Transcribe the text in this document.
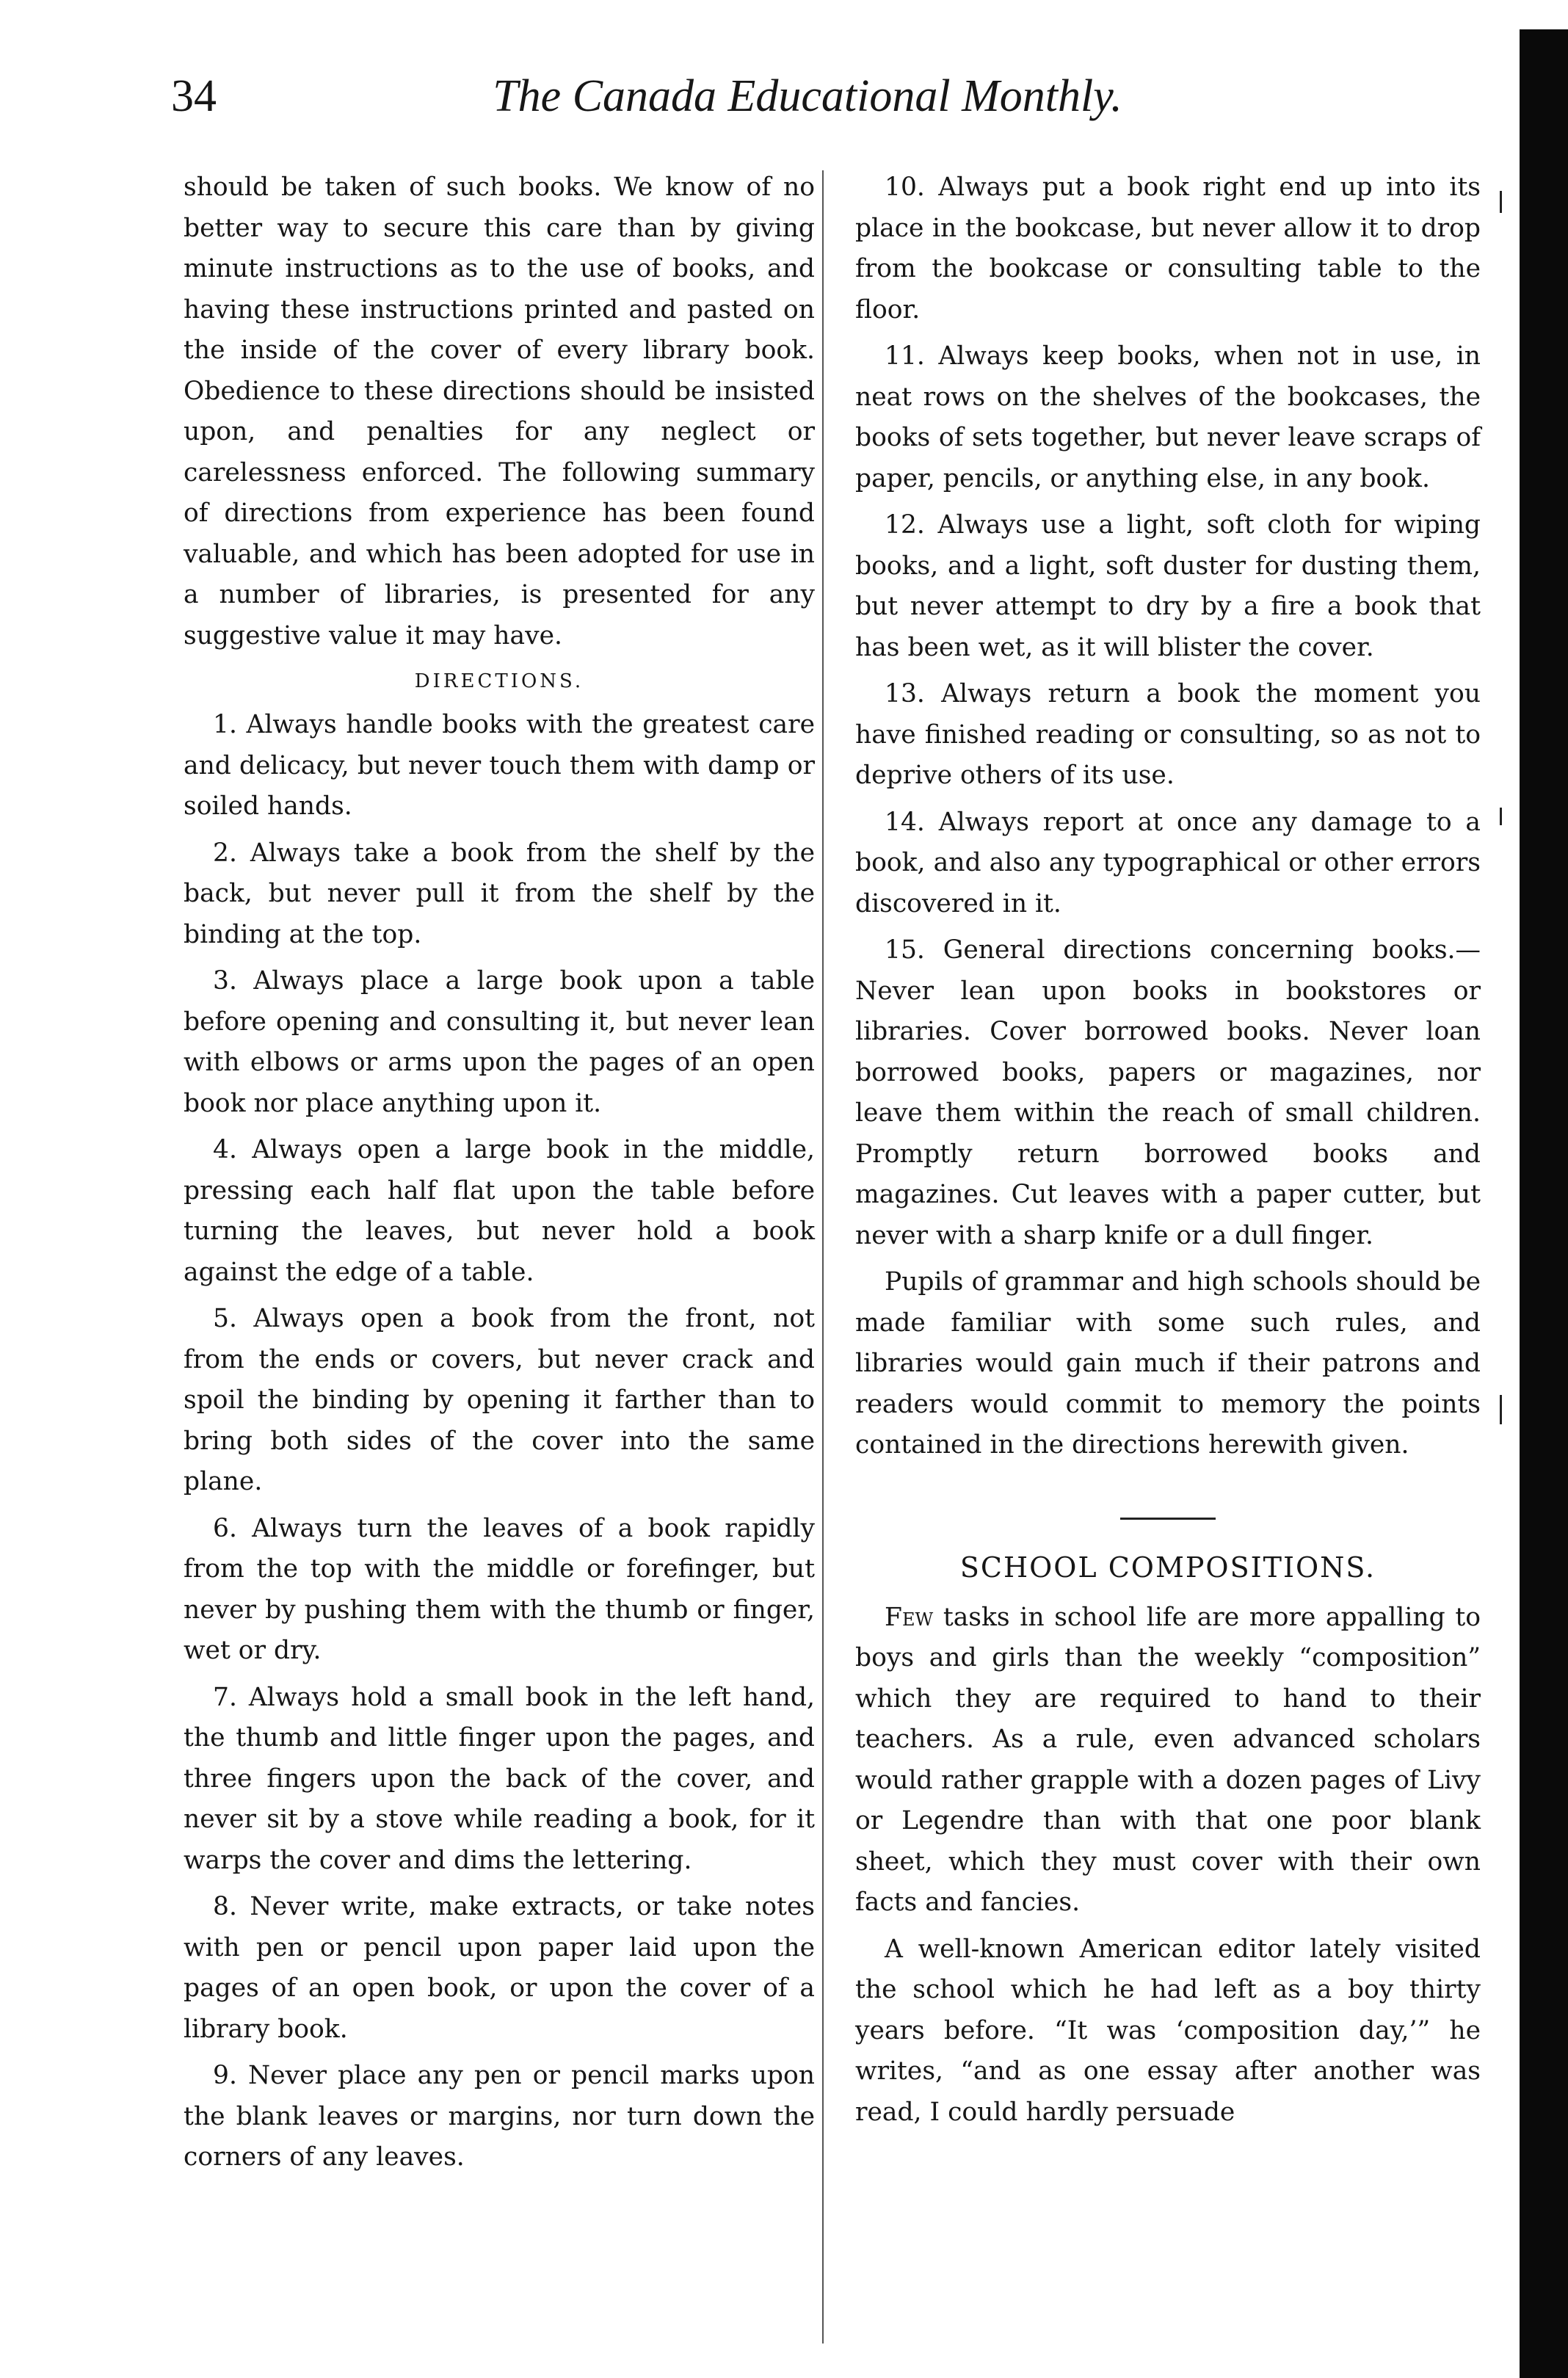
34	The Canada Educational Monthly.

should be taken of such books. We know of no better way to secure this care than by giving minute instructions as to the use of books, and having these instructions printed and pasted on the inside of the cover of every library book. Obedience to these directions should be insisted upon, and penalties for any neglect or carelessness enforced. The following summary of directions from experience has been found valuable, and which has been adopted for use in a number of libraries, is presented for any suggestive value it may have.

DIRECTIONS.

1. Always handle books with the greatest care and delicacy, but never touch them with damp or soiled hands.

2. Always take a book from the shelf by the back, but never pull it from the shelf by the binding at the top.

3. Always place a large book upon a table before opening and consulting it, but never lean with elbows or arms upon the pages of an open book nor place anything upon it.

4. Always open a large book in the middle, pressing each half flat upon the table before turning the leaves, but never hold a book against the edge of a table.

5. Always open a book from the front, not from the ends or covers, but never crack and spoil the binding by opening it farther than to bring both sides of the cover into the same plane.

6. Always turn the leaves of a book rapidly from the top with the middle or forefinger, but never by pushing them with the thumb or finger, wet or dry.

7. Always hold a small book in the left hand, the thumb and little finger upon the pages, and three fingers upon the back of the cover, and never sit by a stove while reading a book, for it warps the cover and dims the lettering.

8. Never write, make extracts, or take notes with pen or pencil upon paper laid upon the pages of an open book, or upon the cover of a library book.

9. Never place any pen or pencil marks upon the blank leaves or margins, nor turn down the corners of any leaves.

10. Always put a book right end up into its place in the bookcase, but never allow it to drop from the bookcase or consulting table to the floor.

11. Always keep books, when not in use, in neat rows on the shelves of the bookcases, the books of sets together, but never leave scraps of paper, pencils, or anything else, in any book.

12. Always use a light, soft cloth for wiping books, and a light, soft duster for dusting them, but never attempt to dry by a fire a book that has been wet, as it will blister the cover.

13. Always return a book the moment you have finished reading or consulting, so as not to deprive others of its use.

14. Always report at once any damage to a book, and also any typographical or other errors discovered in it.

15. General directions concerning books.— Never lean upon books in bookstores or libraries. Cover borrowed books. Never loan borrowed books, papers or magazines, nor leave them within the reach of small children. Promptly return borrowed books and magazines. Cut leaves with a paper cutter, but never with a sharp knife or a dull finger.

Pupils of grammar and high schools should be made familiar with some such rules, and libraries would gain much if their patrons and readers would commit to memory the points contained in the directions herewith given.

SCHOOL COMPOSITIONS.

Few tasks in school life are more appalling to boys and girls than the weekly “composition” which they are required to hand to their teachers. As a rule, even advanced scholars would rather grapple with a dozen pages of Livy or Legendre than with that one poor blank sheet, which they must cover with their own facts and fancies.

A well-known American editor lately visited the school which he had left as a boy thirty years before. “It was ‘composition day,’” he writes, “and as one essay after another was read, I could hardly persuade
